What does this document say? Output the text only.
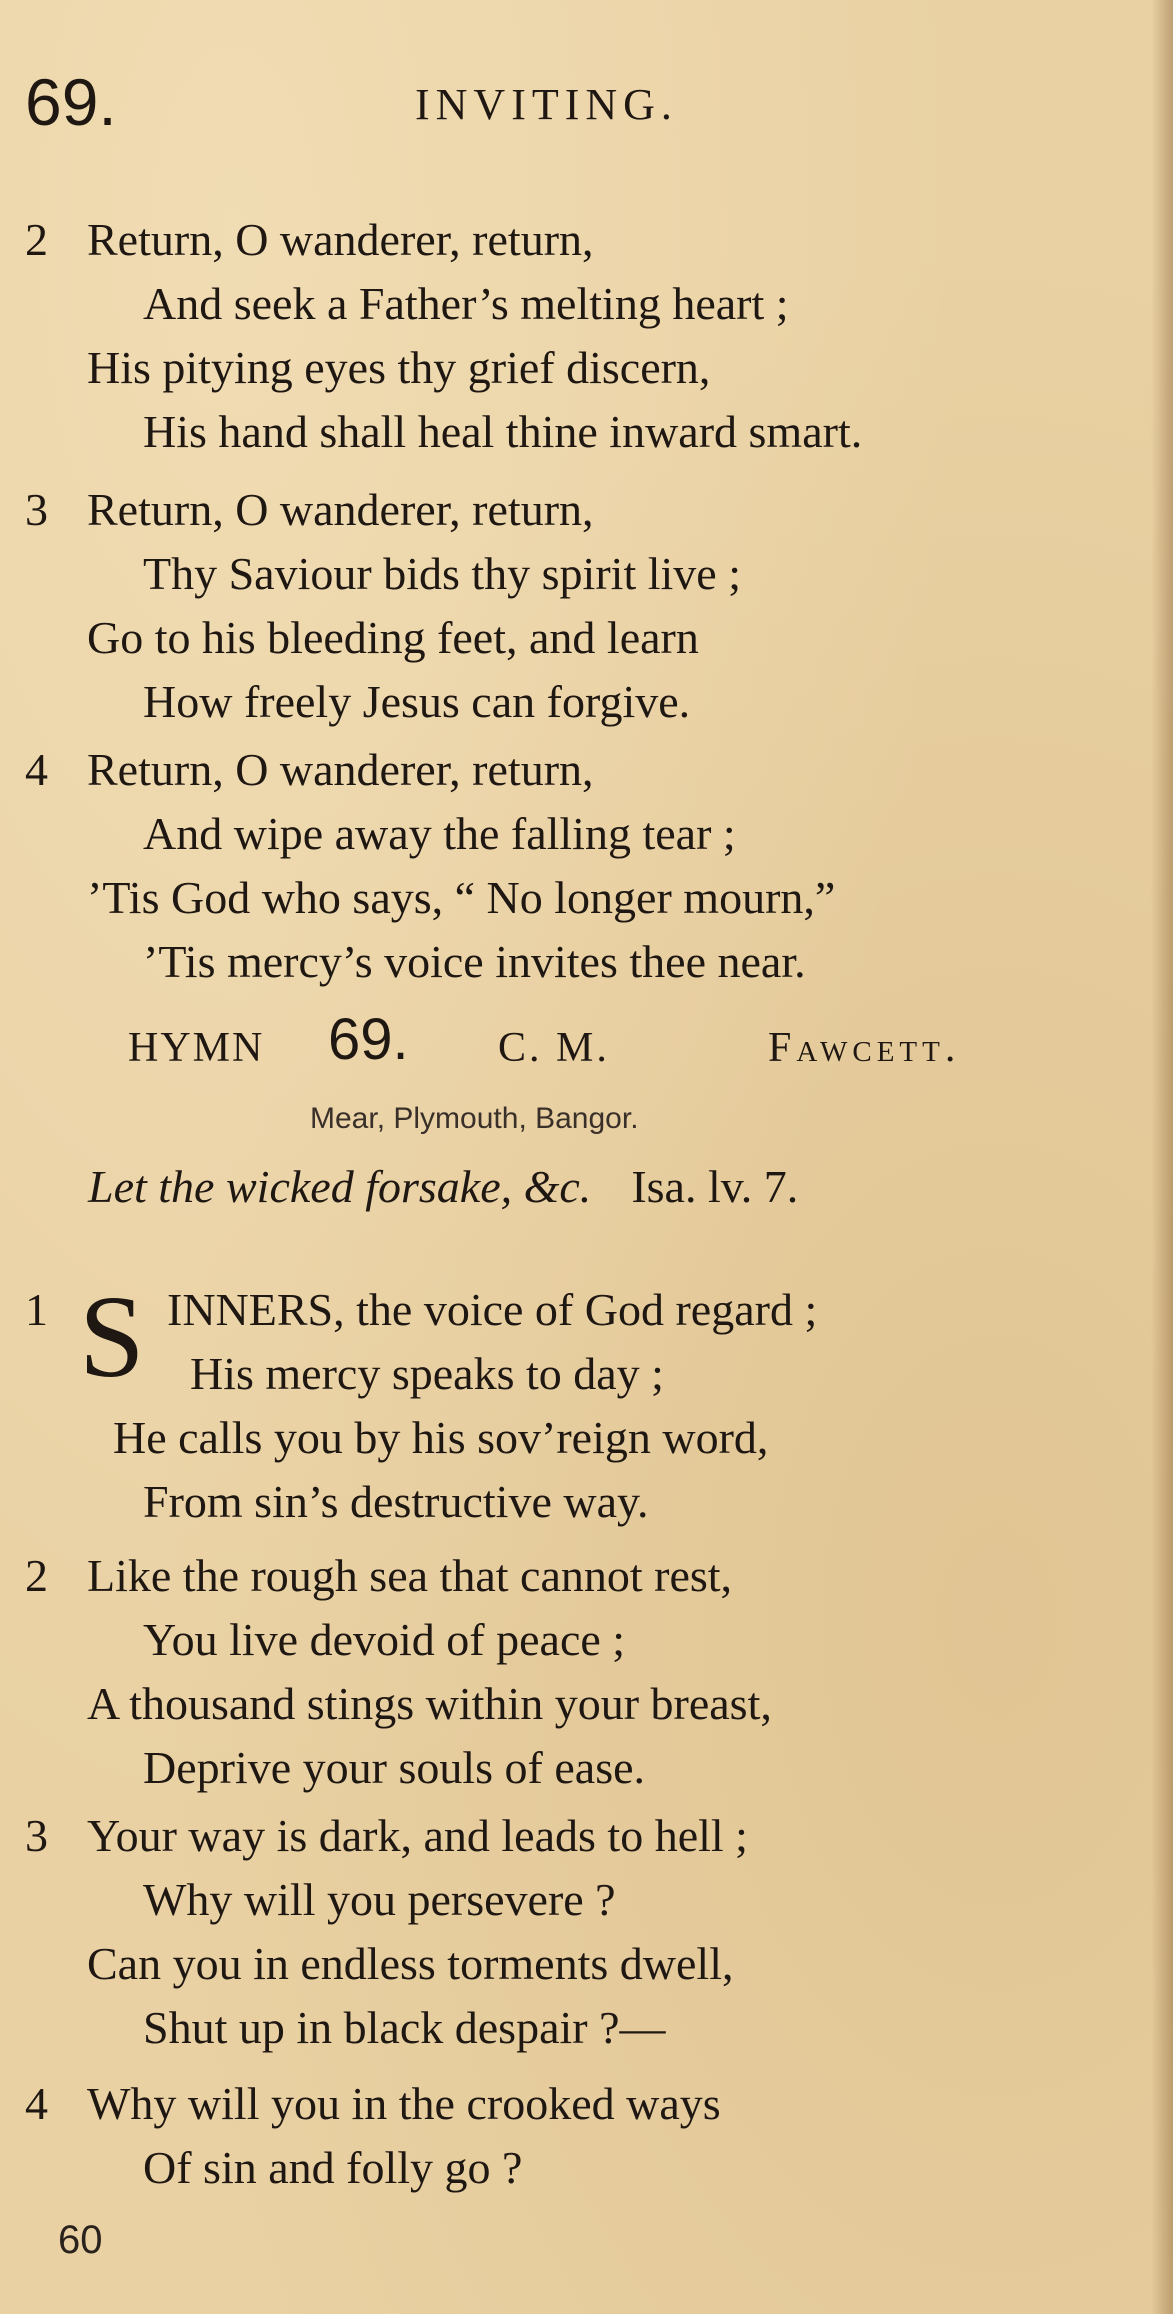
69.	INVITING.
2 Return, O wanderer, return,
And seek a Father’s melting heart ;
His pitying eyes thy grief discern,
His hand shall heal thine inward smart.
3 Return, O wanderer, return,
Thy Saviour bids thy spirit live ;
Go to his bleeding feet, and learn
How freely Jesus can forgive.
4 Return, O wanderer, return,
And wipe away the falling tear ;
’Tis God who says, “ No longer mourn,”
’Tis mercy’s voice invites thee near.
HYMN 69. C. M.	Fawcett.
Mear , Plymouth , Bangor.
Let the wicked forsake, &c. Isa. lv. 7.
1 S INNERS, the voice of God regard ;
His mercy speaks to day ;
He calls you by his sov’reign word,
From sin’s destructive way.
2 Like the rough sea that cannot rest,
You live devoid of peace ;
A thousand stings within your breast,
Deprive your souls of ease.
3 Your way is dark, and leads to hell ;
Why will you persevere ?
Can you in endless torments dwell,
Shut up in black despair ?—
4 Why will you in the crooked ways
Of sin and folly go ?
60
